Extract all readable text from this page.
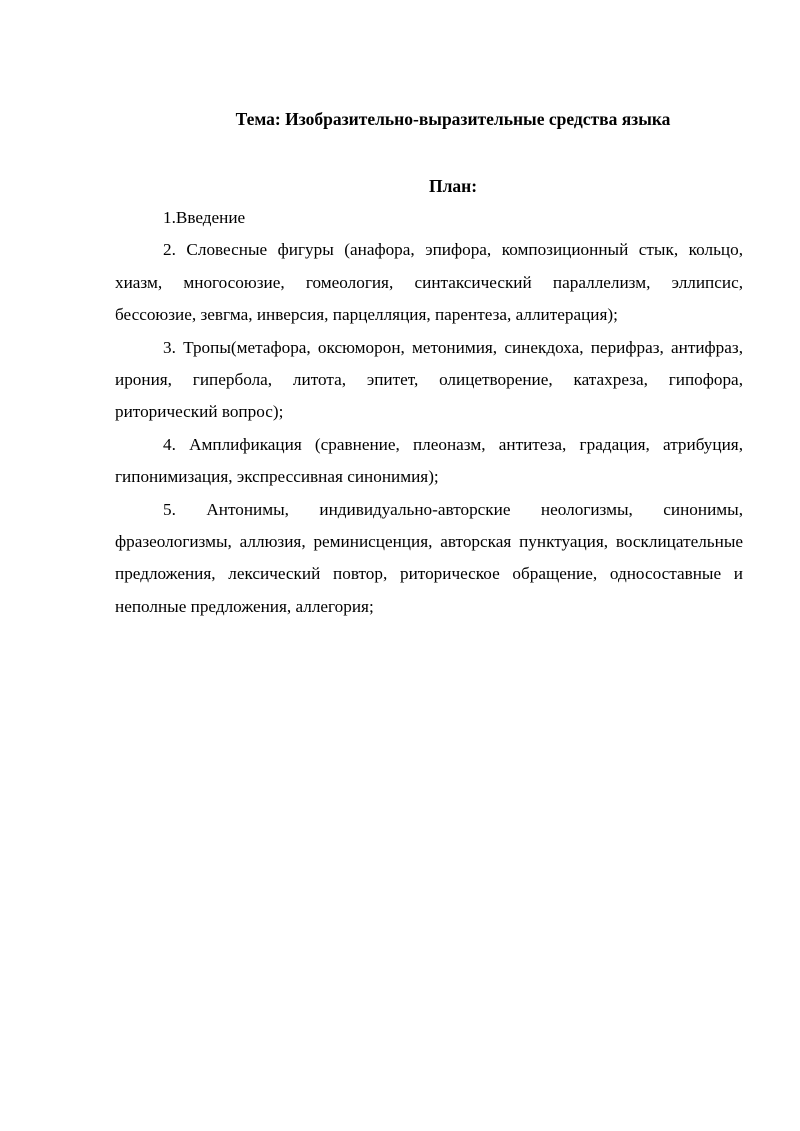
Тема: Изобразительно-выразительные средства языка
План:
1.Введение
2. Словесные фигуры (анафора, эпифора, композиционный стык, кольцо, хиазм, многосоюзие, гомеология, синтаксический параллелизм, эллипсис, бессоюзие, зевгма, инверсия, парцелляция, парентеза, аллитерация);
3. Тропы(метафора, оксюморон, метонимия, синекдоха, перифраз, антифраз, ирония, гипербола, литота, эпитет, олицетворение, катахреза, гипофора, риторический вопрос);
4. Амплификация (сравнение, плеоназм, антитеза, градация, атрибуция, гипонимизация, экспрессивная синонимия);
5. Антонимы, индивидуально-авторские неологизмы, синонимы, фразеологизмы, аллюзия, реминисценция, авторская пунктуация, восклицательные предложения, лексический повтор, риторическое обращение, односоставные и неполные предложения, аллегория;
